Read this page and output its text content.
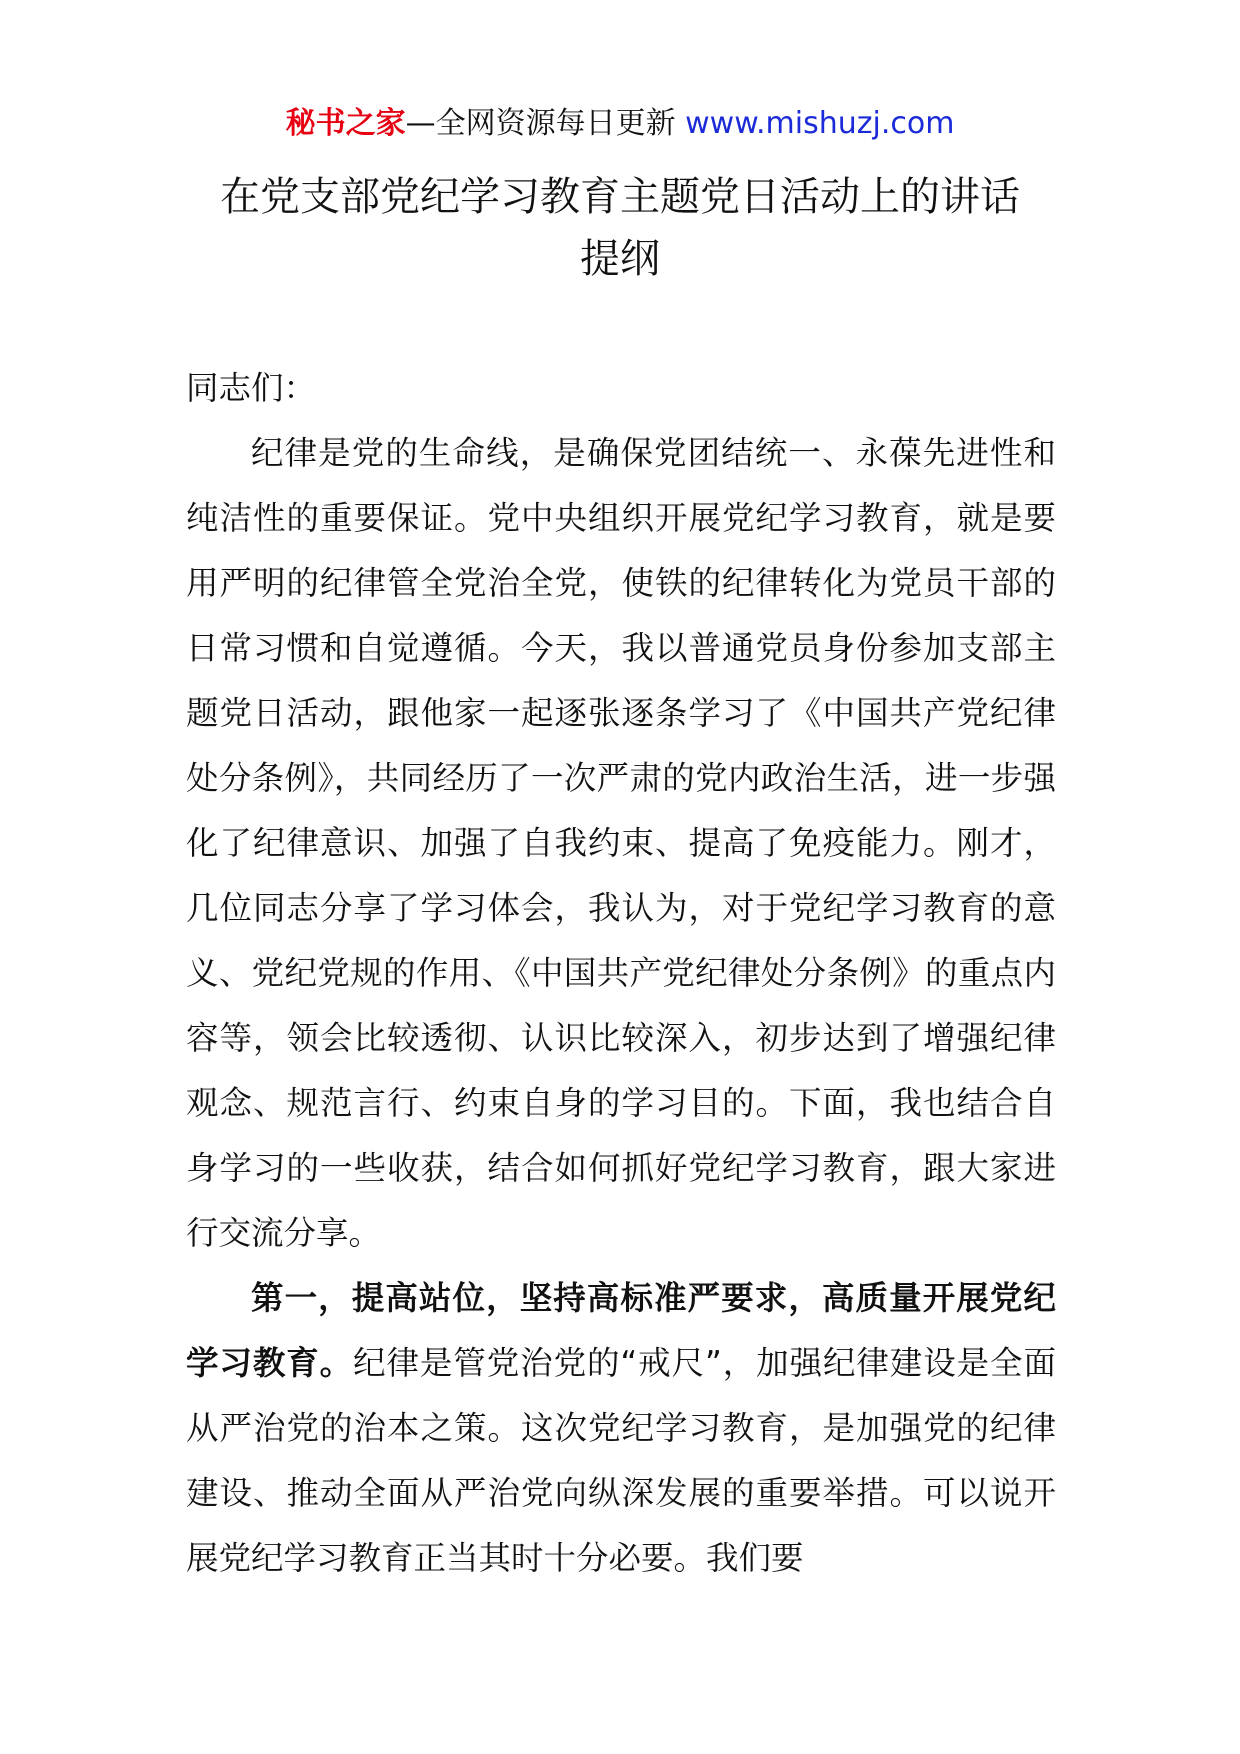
秘书之家—全网资源每日更新 www.mishuzj.com
在党支部党纪学习教育主题党日活动上的讲话
提纲

同志们：

纪律是党的生命线，是确保党团结统一、永葆先进性和纯洁性的重要保证。党中央组织开展党纪学习教育，就是要用严明的纪律管全党治全党，使铁的纪律转化为党员干部的日常习惯和自觉遵循。今天，我以普通党员身份参加支部主题党日活动，跟他家一起逐张逐条学习了《中国共产党纪律处分条例》，共同经历了一次严肃的党内政治生活，进一步强化了纪律意识、加强了自我约束、提高了免疫能力。刚才，几位同志分享了学习体会，我认为，对于党纪学习教育的意义、党纪党规的作用、《中国共产党纪律处分条例》的重点内容等，领会比较透彻、认识比较深入，初步达到了增强纪律观念、规范言行、约束自身的学习目的。下面，我也结合自身学习的一些收获，结合如何抓好党纪学习教育，跟大家进行交流分享。

第一，提高站位，坚持高标准严要求，高质量开展党纪学习教育。纪律是管党治党的“戒尺”，加强纪律建设是全面从严治党的治本之策。这次党纪学习教育，是加强党的纪律建设、推动全面从严治党向纵深发展的重要举措。可以说开展党纪学习教育正当其时十分必要。我们要
